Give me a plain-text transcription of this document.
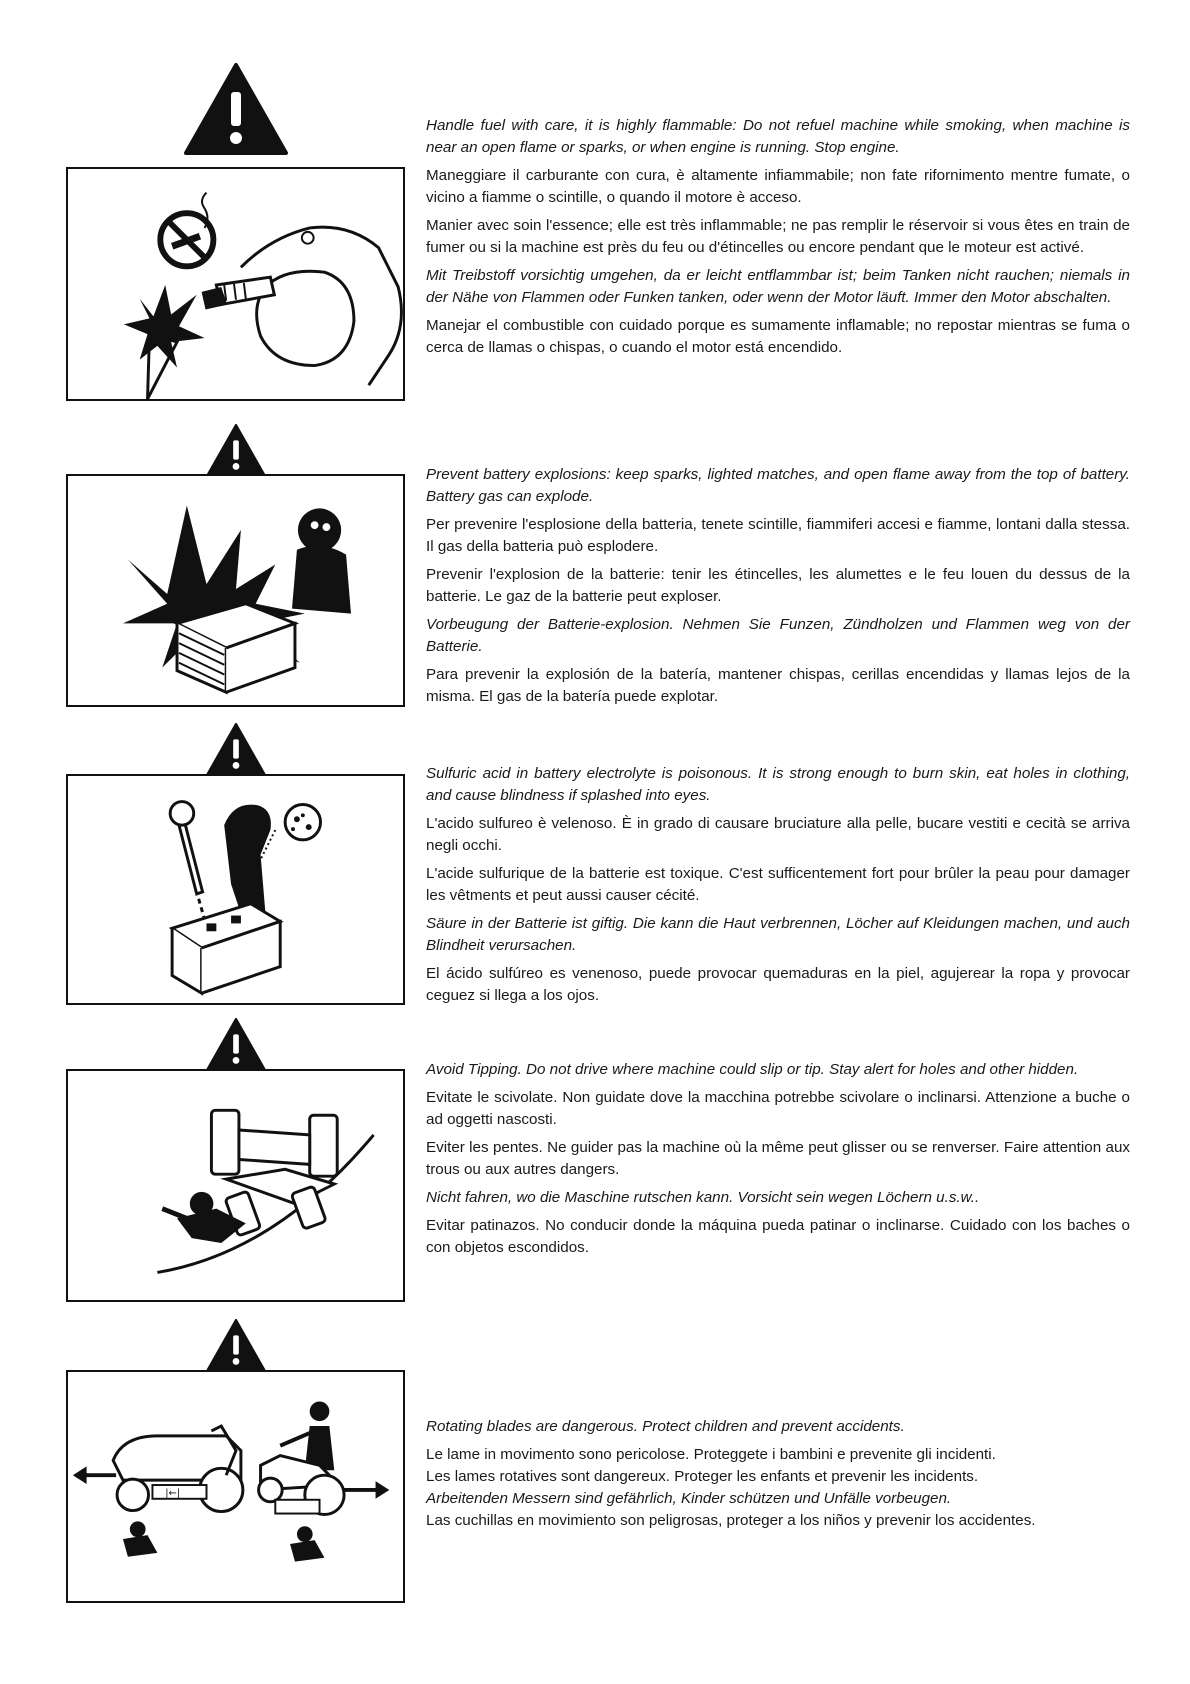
Handle fuel with care, it is highly flammable: Do not refuel machine while smoking, when machine is near an open flame or sparks, or when engine is running. Stop engine.

Maneggiare il carburante con cura, è altamente infiammabile; non fate rifornimento mentre fumate, o vicino a fiamme o scintille, o quando il motore è acceso.

Manier avec soin l'essence; elle est très inflammable; ne pas remplir le réservoir si vous êtes en train de fumer ou si la machine est près du feu ou d'étincelles ou encore pendant que le moteur est activé.

Mit Treibstoff vorsichtig umgehen, da er leicht entflammbar ist; beim Tanken nicht rauchen; niemals in der Nähe von Flammen oder Funken tanken, oder wenn der Motor läuft. Immer den Motor abschalten.

Manejar el combustible con cuidado porque es sumamente inflamable; no repostar mientras se fuma o cerca de llamas o chispas, o cuando el motor está encendido.

Prevent battery explosions: keep sparks, lighted matches, and open flame away from the top of battery. Battery gas can explode.

Per prevenire l'esplosione della batteria, tenete scintille, fiammiferi accesi e fiamme, lontani dalla stessa. Il gas della batteria può esplodere.

Prevenir l'explosion de la batterie: tenir les étincelles, les alumettes e le feu louen du dessus de la batterie. Le gaz de la batterie peut exploser.

Vorbeugung der Batterie-explosion. Nehmen Sie Funzen, Zündholzen und Flammen weg von der Batterie.

Para prevenir la explosión de la batería, mantener chispas, cerillas encendidas y llamas lejos de la misma. El gas de la batería puede explotar.

Sulfuric acid in battery electrolyte is poisonous. It is strong enough to burn skin, eat holes in clothing, and cause blindness if splashed into eyes.

L'acido sulfureo è velenoso. È in grado di causare bruciature alla pelle, bucare vestiti e cecità se arriva negli occhi.

L'acide sulfurique de la batterie est toxique. C'est sufficentement fort pour brûler la peau pour damager les vêtments et peut aussi causer cécité.

Säure in der Batterie ist giftig. Die kann die Haut verbrennen, Löcher auf Kleidungen machen, und auch Blindheit verursachen.

El ácido sulfúreo es venenoso, puede provocar quemaduras en la piel, agujerear la ropa y provocar ceguez si llega a los ojos.

Avoid Tipping. Do not drive where machine could slip or tip. Stay alert for holes and other hidden.

Evitate le scivolate. Non guidate dove la macchina potrebbe scivolare o inclinarsi. Attenzione a buche o ad oggetti nascosti.

Eviter les pentes. Ne guider pas la machine où la même peut glisser ou se renverser. Faire attention aux trous ou aux autres dangers.

Nicht fahren, wo die Maschine rutschen kann. Vorsicht sein wegen Löchern u.s.w..

Evitar patinazos. No conducir donde la máquina pueda patinar o inclinarse. Cuidado con los baches o con objetos escondidos.

|←|

Rotating blades are dangerous. Protect children and prevent accidents.

Le lame in movimento sono pericolose. Proteggete i bambini e prevenite gli incidenti.

Les lames rotatives sont dangereux. Proteger les enfants et prevenir les incidents.

Arbeitenden Messern sind gefährlich, Kinder schützen und Unfälle vorbeugen.

Las cuchillas en movimiento son peligrosas, proteger a los niños y prevenir los accidentes.
